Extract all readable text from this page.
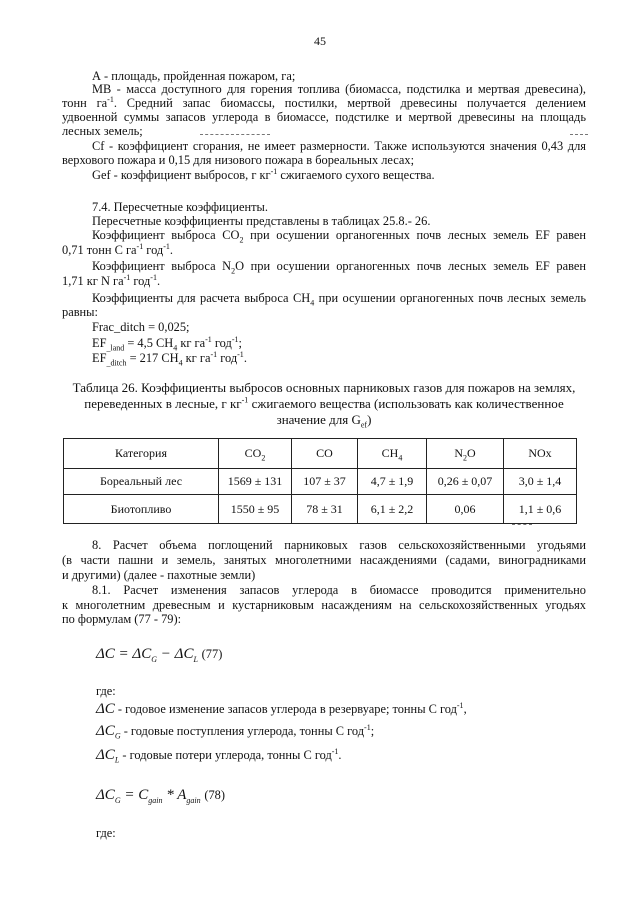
45
А - площадь, пройденная пожаром, га;
MB - масса доступного для горения топлива (биомасса, подстилка и мертвая древесина),
тонн $га^{-1}$. Средний запас биомассы, постилки, мертвой древесины получается делением
удвоенной суммы запасов углерода в биомассе, подстилке и мертвой древесины на площадь
лесных земель;
Cf - коэффициент сгорания, не имеет размерности. Также используются значения 0,43 для
верхового пожара и 0,15 для низового пожара в бореальных лесах;
Gef - коэффициент выбросов, г $кг^{-1}$ сжигаемого сухого вещества.
7.4. Пересчетные коэффициенты.
Пересчетные коэффициенты представлены в таблицах 25.8.- 26.
Коэффициент выброса $CO_2$ при осушении органогенных почв лесных земель EF равен
0,71 тонн С $га^{-1}$ год$^{-1}$.
Коэффициент выброса $N_2O$ при осушении органогенных почв лесных земель EF равен
1,71 кг N $га^{-1}$ год$^{-1}$.
Коэффициенты для расчета выброса $CH_4$ при осушении органогенных почв лесных земель
равны:
Frac_ditch = 0,025;
$EF_{\_land} = 4,5$ $CH_4$ кг $га^{-1}$ год$^{-1}$;
$EF_{\_ditch} = 217$ $CH_4$ кг $га^{-1}$ год$^{-1}$.
Таблица 26. Коэффициенты выбросов основных парниковых газов для пожаров на землях,
переведенных в лесные, г $кг^{-1}$ сжигаемого вещества (использовать как количественное
значение для $G_{ef}$)
Категория	$CO_2$	CO	$CH_4$	$N_2O$	NOx
Бореальный лес	1569 ± 131	107 ± 37	4,7 ± 1,9	0,26 ± 0,07	3,0 ± 1,4
Биотопливо	1550 ± 95	78 ± 31	6,1 ± 2,2	0,06	1,1 ± 0,6
8. Расчет объема поглощений парниковых газов сельскохозяйственными угодьями
(в части пашни и земель, занятых многолетними насаждениями (садами, виноградниками
и другими) (далее - пахотные земли)
8.1. Расчет изменения запасов углерода в биомассе проводится применительно
к многолетним древесным и кустарниковым насаждениям на сельскохозяйственных угодьях
по формулам (77 - 79):
$\Delta C = \Delta C_G - \Delta C_L$ (77)
где:
ΔC - годовое изменение запасов углерода в резервуаре; тонны С год$^{-1}$,
$\Delta C_G$ - годовые поступления углерода, тонны С год$^{-1}$;
$\Delta C_L$ - годовые потери углерода, тонны С год$^{-1}$.
$\Delta C_G = C_{gain} * A_{gain}$ (78)
где:
